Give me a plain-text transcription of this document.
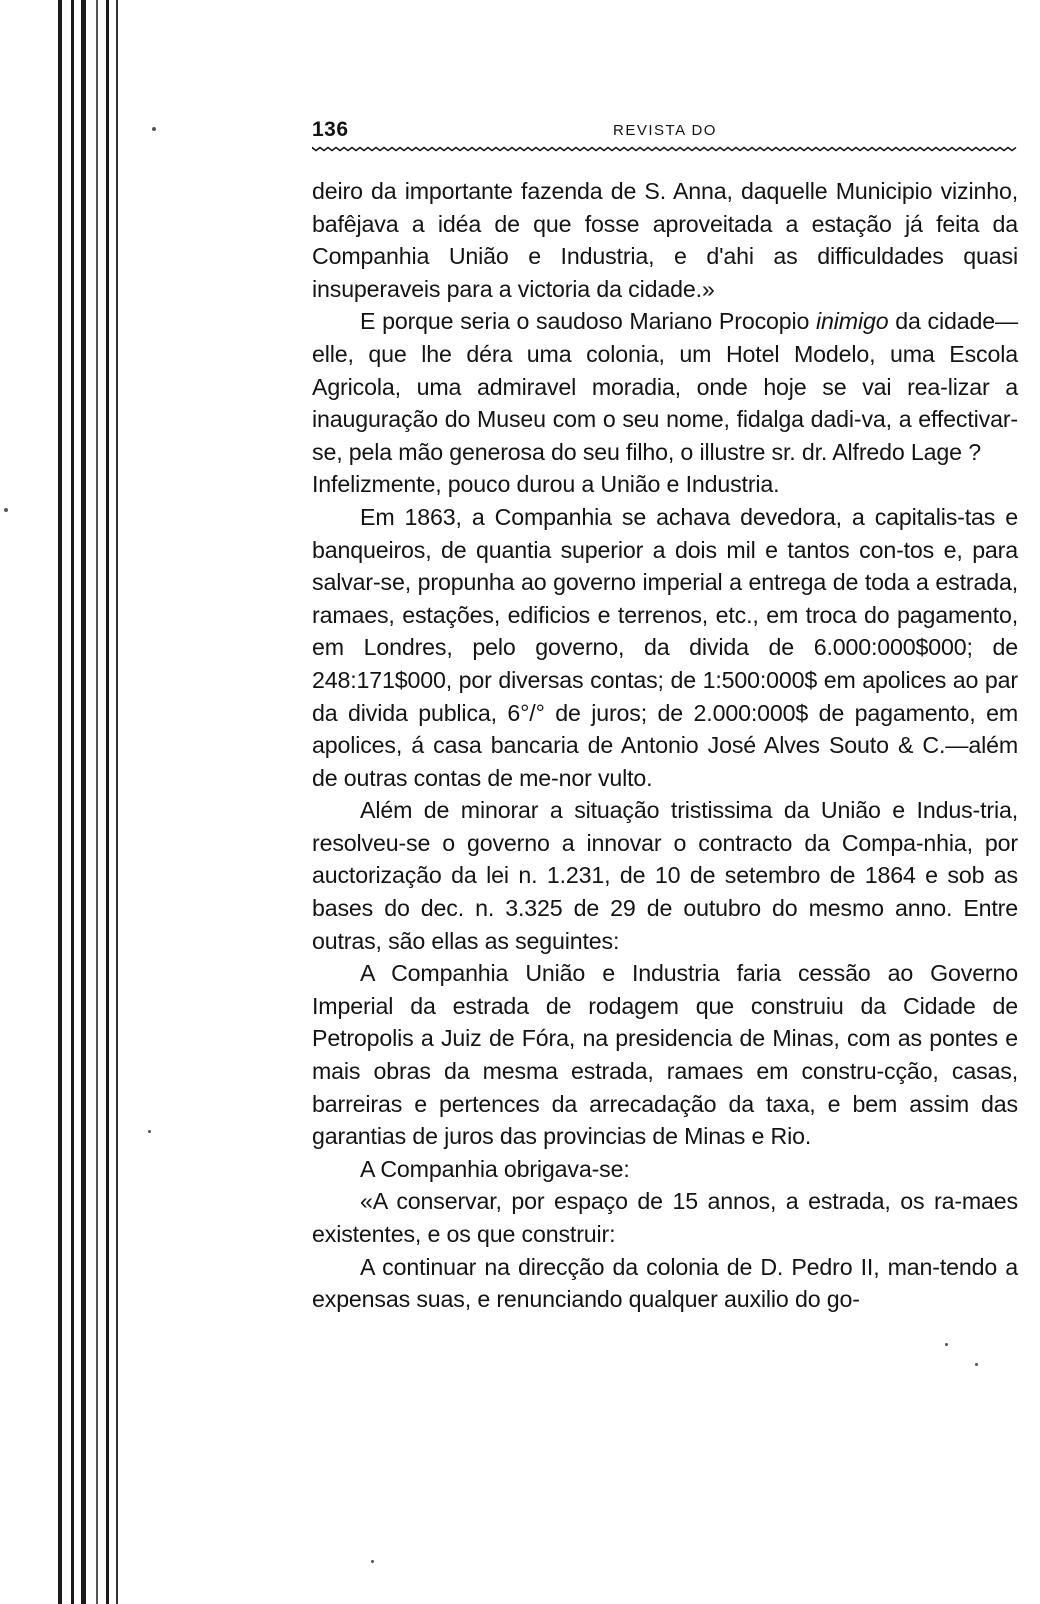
136	REVISTA DO

deiro da importante fazenda de S. Anna, daquelle Municipio vizinho, bafêjava a idéa de que fosse aproveitada a estação já feita da Companhia União e Industria, e d'ahi as difficuldades quasi insuperaveis para a victoria da cidade.»

E porque seria o saudoso Mariano Procopio inimigo da cidade—elle, que lhe déra uma colonia, um Hotel Modelo, uma Escola Agricola, uma admiravel moradia, onde hoje se vai rea-lizar a inauguração do Museu com o seu nome, fidalga dadi-va, a effectivar-se, pela mão generosa do seu filho, o illustre sr. dr. Alfredo Lage ?

Infelizmente, pouco durou a União e Industria.

Em 1863, a Companhia se achava devedora, a capitalis-tas e banqueiros, de quantia superior a dois mil e tantos con-tos e, para salvar-se, propunha ao governo imperial a entrega de toda a estrada, ramaes, estações, edificios e terrenos, etc., em troca do pagamento, em Londres, pelo governo, da divida de 6.000:000$000; de 248:171$000, por diversas contas; de 1:500:000$ em apolices ao par da divida publica, 6°/° de juros; de 2.000:000$ de pagamento, em apolices, á casa bancaria de Antonio José Alves Souto & C.—além de outras contas de me-nor vulto.

Além de minorar a situação tristissima da União e Indus-tria, resolveu-se o governo a innovar o contracto da Compa-nhia, por auctorização da lei n. 1.231, de 10 de setembro de 1864 e sob as bases do dec. n. 3.325 de 29 de outubro do mesmo anno. Entre outras, são ellas as seguintes:

A Companhia União e Industria faria cessão ao Governo Imperial da estrada de rodagem que construiu da Cidade de Petropolis a Juiz de Fóra, na presidencia de Minas, com as pontes e mais obras da mesma estrada, ramaes em constru-cção, casas, barreiras e pertences da arrecadação da taxa, e bem assim das garantias de juros das provincias de Minas e Rio.

A Companhia obrigava-se:

«A conservar, por espaço de 15 annos, a estrada, os ra-maes existentes, e os que construir:

A continuar na direcção da colonia de D. Pedro II, man-tendo a expensas suas, e renunciando qualquer auxilio do go-
